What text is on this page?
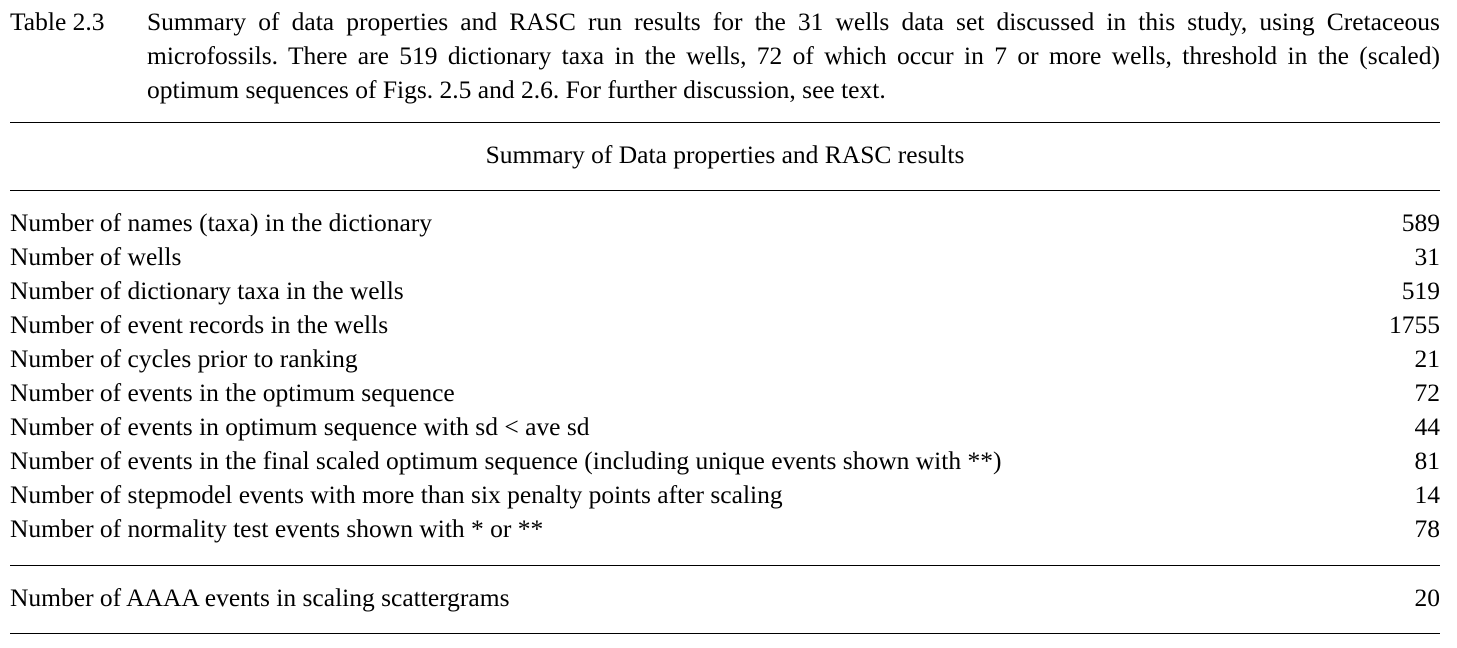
Table 2.3 Summary of data properties and RASC run results for the 31 wells data set discussed in this study, using Cretaceous microfossils. There are 519 dictionary taxa in the wells, 72 of which occur in 7 or more wells, threshold in the (scaled) optimum sequences of Figs. 2.5 and 2.6. For further discussion, see text.
Summary of Data properties and RASC results
Number of names (taxa) in the dictionary	589
Number of wells	31
Number of dictionary taxa in the wells	519
Number of event records in the wells	1755
Number of cycles prior to ranking	21
Number of events in the optimum sequence	72
Number of events in optimum sequence with sd < ave sd	44
Number of events in the final scaled optimum sequence (including unique events shown with **)	81
Number of stepmodel events with more than six penalty points after scaling	14
Number of normality test events shown with * or **	78
Number of AAAA events in scaling scattergrams	20
